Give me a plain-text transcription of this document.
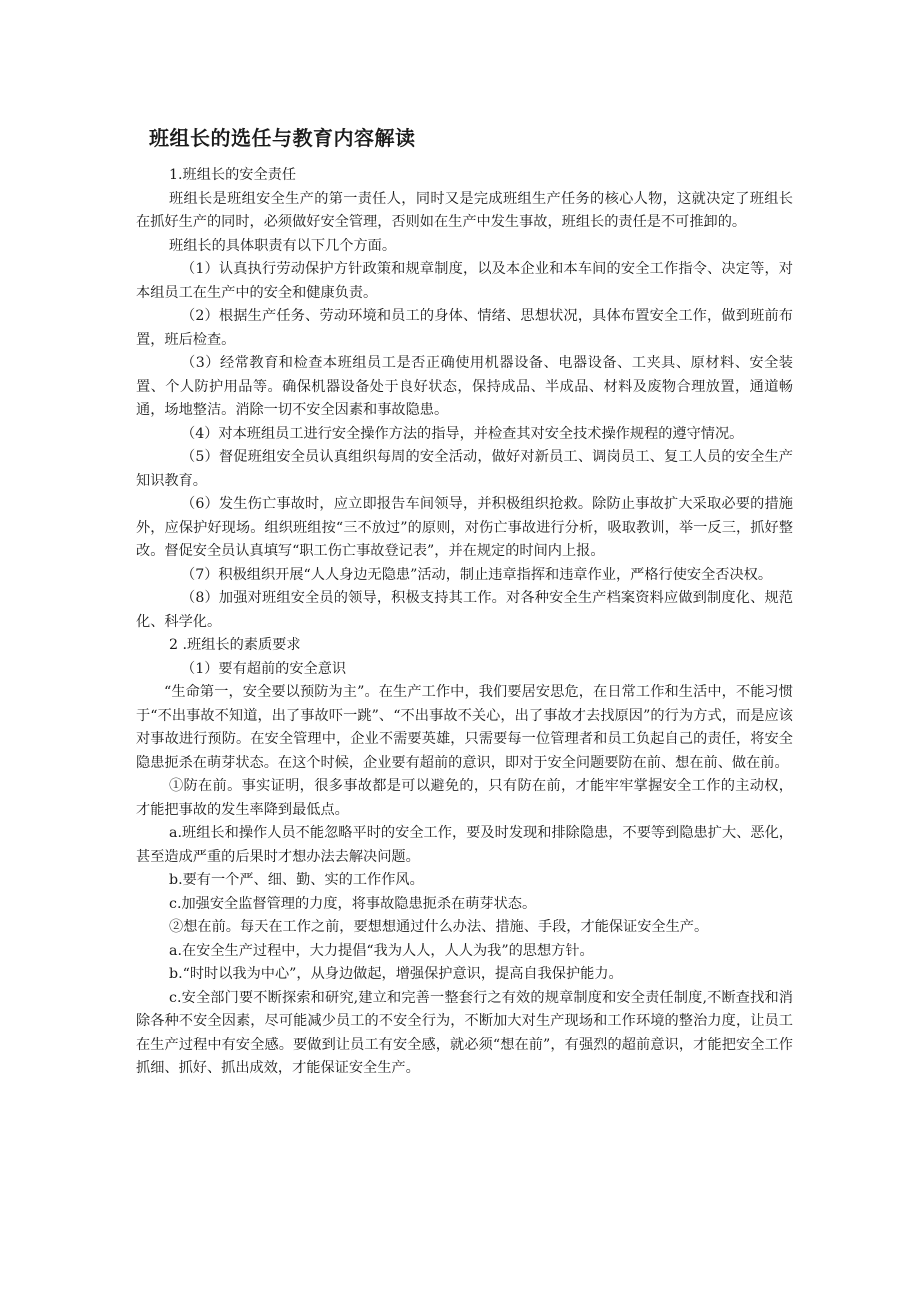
班组长的选任与教育内容解读

1.班组长的安全责任

班组长是班组安全生产的第一责任人，同时又是完成班组生产任务的核心人物，这就决定了班组长在抓好生产的同时，必须做好安全管理，否则如在生产中发生事故，班组长的责任是不可推卸的。

班组长的具体职责有以下几个方面。

（1）认真执行劳动保护方针政策和规章制度，以及本企业和本车间的安全工作指令、决定等，对本组员工在生产中的安全和健康负责。

（2）根据生产任务、劳动环境和员工的身体、情绪、思想状况，具体布置安全工作，做到班前布置，班后检查。

（3）经常教育和检查本班组员工是否正确使用机器设备、电器设备、工夹具、原材料、安全装置、个人防护用品等。确保机器设备处于良好状态，保持成品、半成品、材料及废物合理放置，通道畅通，场地整洁。消除一切不安全因素和事故隐患。

（4）对本班组员工进行安全操作方法的指导，并检查其对安全技术操作规程的遵守情况。

（5）督促班组安全员认真组织每周的安全活动，做好对新员工、调岗员工、复工人员的安全生产知识教育。

（6）发生伤亡事故时，应立即报告车间领导，并积极组织抢救。除防止事故扩大采取必要的措施外，应保护好现场。组织班组按“三不放过”的原则，对伤亡事故进行分析，吸取教训，举一反三，抓好整改。督促安全员认真填写“职工伤亡事故登记表”，并在规定的时间内上报。

（7）积极组织开展“人人身边无隐患”活动，制止违章指挥和违章作业，严格行使安全否决权。

（8）加强对班组安全员的领导，积极支持其工作。对各种安全生产档案资料应做到制度化、规范化、科学化。

2 .班组长的素质要求

（1）要有超前的安全意识

“生命第一，安全要以预防为主”。在生产工作中，我们要居安思危，在日常工作和生活中，不能习惯于“不出事故不知道，出了事故吓一跳”、“不出事故不关心，出了事故才去找原因”的行为方式，而是应该对事故进行预防。在安全管理中，企业不需要英雄，只需要每一位管理者和员工负起自己的责任，将安全隐患扼杀在萌芽状态。在这个时候，企业要有超前的意识，即对于安全问题要防在前、想在前、做在前。

①防在前。事实证明，很多事故都是可以避免的，只有防在前，才能牢牢掌握安全工作的主动权，才能把事故的发生率降到最低点。

a.班组长和操作人员不能忽略平时的安全工作，要及时发现和排除隐患，不要等到隐患扩大、恶化，甚至造成严重的后果时才想办法去解决问题。

b.要有一个严、细、勤、实的工作作风。

c.加强安全监督管理的力度，将事故隐患扼杀在萌芽状态。

②想在前。每天在工作之前，要想想通过什么办法、措施、手段，才能保证安全生产。

a.在安全生产过程中，大力提倡“我为人人，人人为我”的思想方针。

b.“时时以我为中心”，从身边做起，增强保护意识，提高自我保护能力。

c.安全部门要不断探索和研究,建立和完善一整套行之有效的规章制度和安全责任制度,不断查找和消除各种不安全因素，尽可能减少员工的不安全行为，不断加大对生产现场和工作环境的整治力度，让员工在生产过程中有安全感。要做到让员工有安全感，就必须“想在前”，有强烈的超前意识，才能把安全工作抓细、抓好、抓出成效，才能保证安全生产。
